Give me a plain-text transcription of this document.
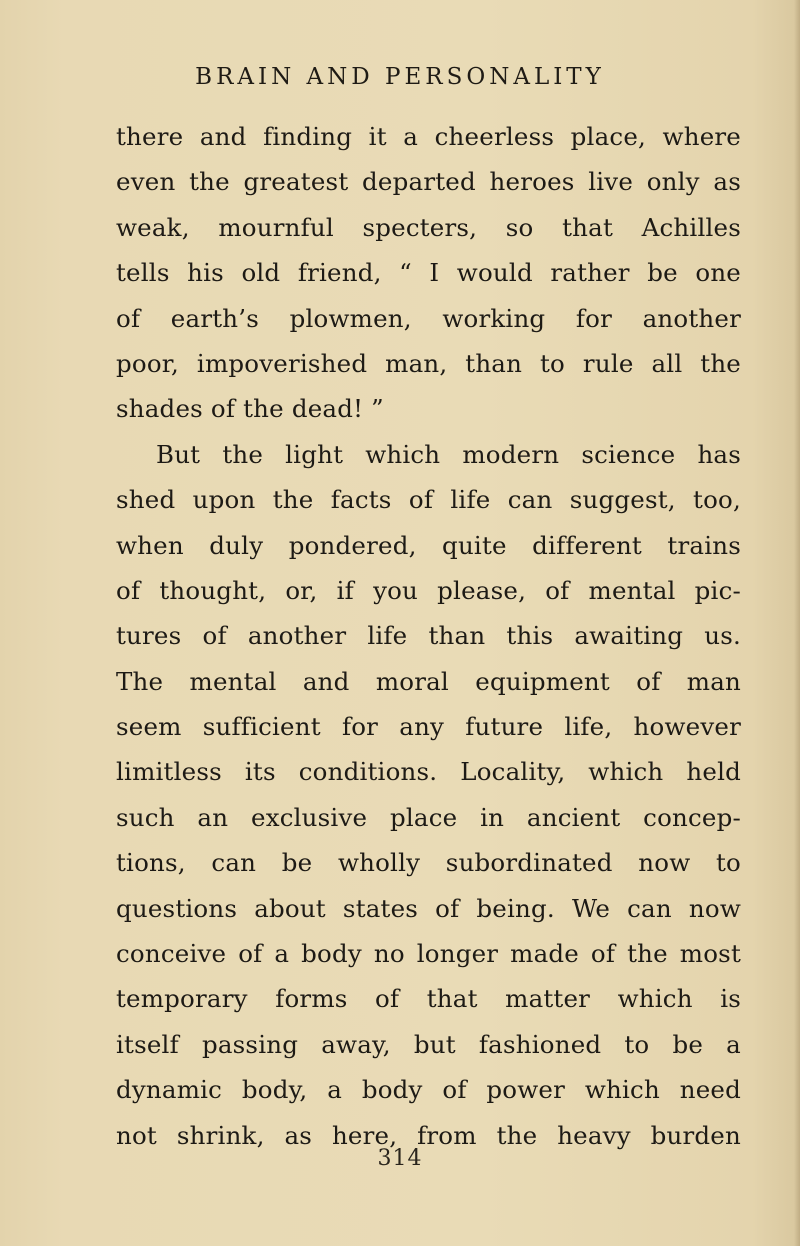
BRAIN AND PERSONALITY
there and finding it a cheerless place, where
even the greatest departed heroes live only as
weak, mournful specters, so that Achilles
tells his old friend, “ I would rather be one
of earth’s plowmen, working for another
poor, impoverished man, than to rule all the
shades of the dead! ”
But the light which modern science has
shed upon the facts of life can suggest, too,
when duly pondered, quite different trains
of thought, or, if you please, of mental pic-
tures of another life than this awaiting us.
The mental and moral equipment of man
seem sufficient for any future life, however
limitless its conditions. Locality, which held
such an exclusive place in ancient concep-
tions, can be wholly subordinated now to
questions about states of being. We can now
conceive of a body no longer made of the most
temporary forms of that matter which is
itself passing away, but fashioned to be a
dynamic body, a body of power which need
not shrink, as here, from the heavy burden
314
